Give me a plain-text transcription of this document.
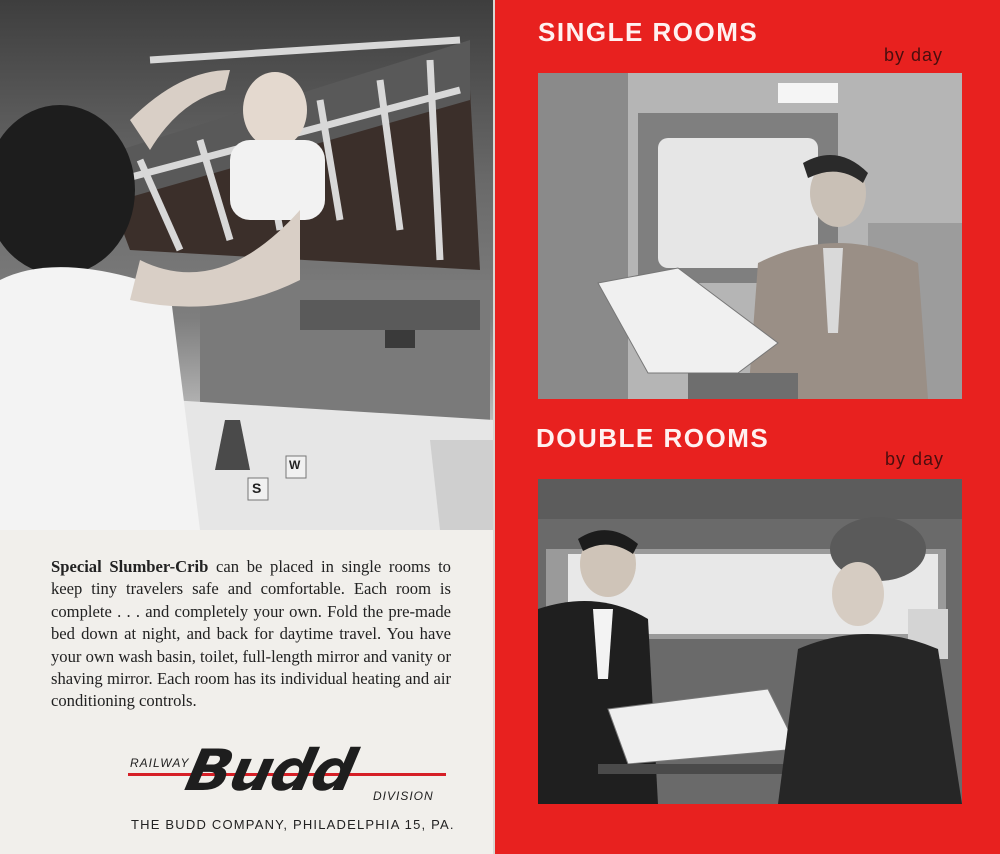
S
W

Special Slumber-Crib can be placed in single rooms to keep tiny travelers safe and comfortable. Each room is complete . . . and completely your own. Fold the pre-made bed down at night, and back for daytime travel. You have your own wash basin, toilet, full-length mirror and vanity or shaving mirror. Each room has its individual heating and air conditioning controls.

RAILWAY
Budd DIVISION
THE BUDD COMPANY, PHILADELPHIA 15, PA.
SINGLE ROOMS
by day
DOUBLE ROOMS
by day
